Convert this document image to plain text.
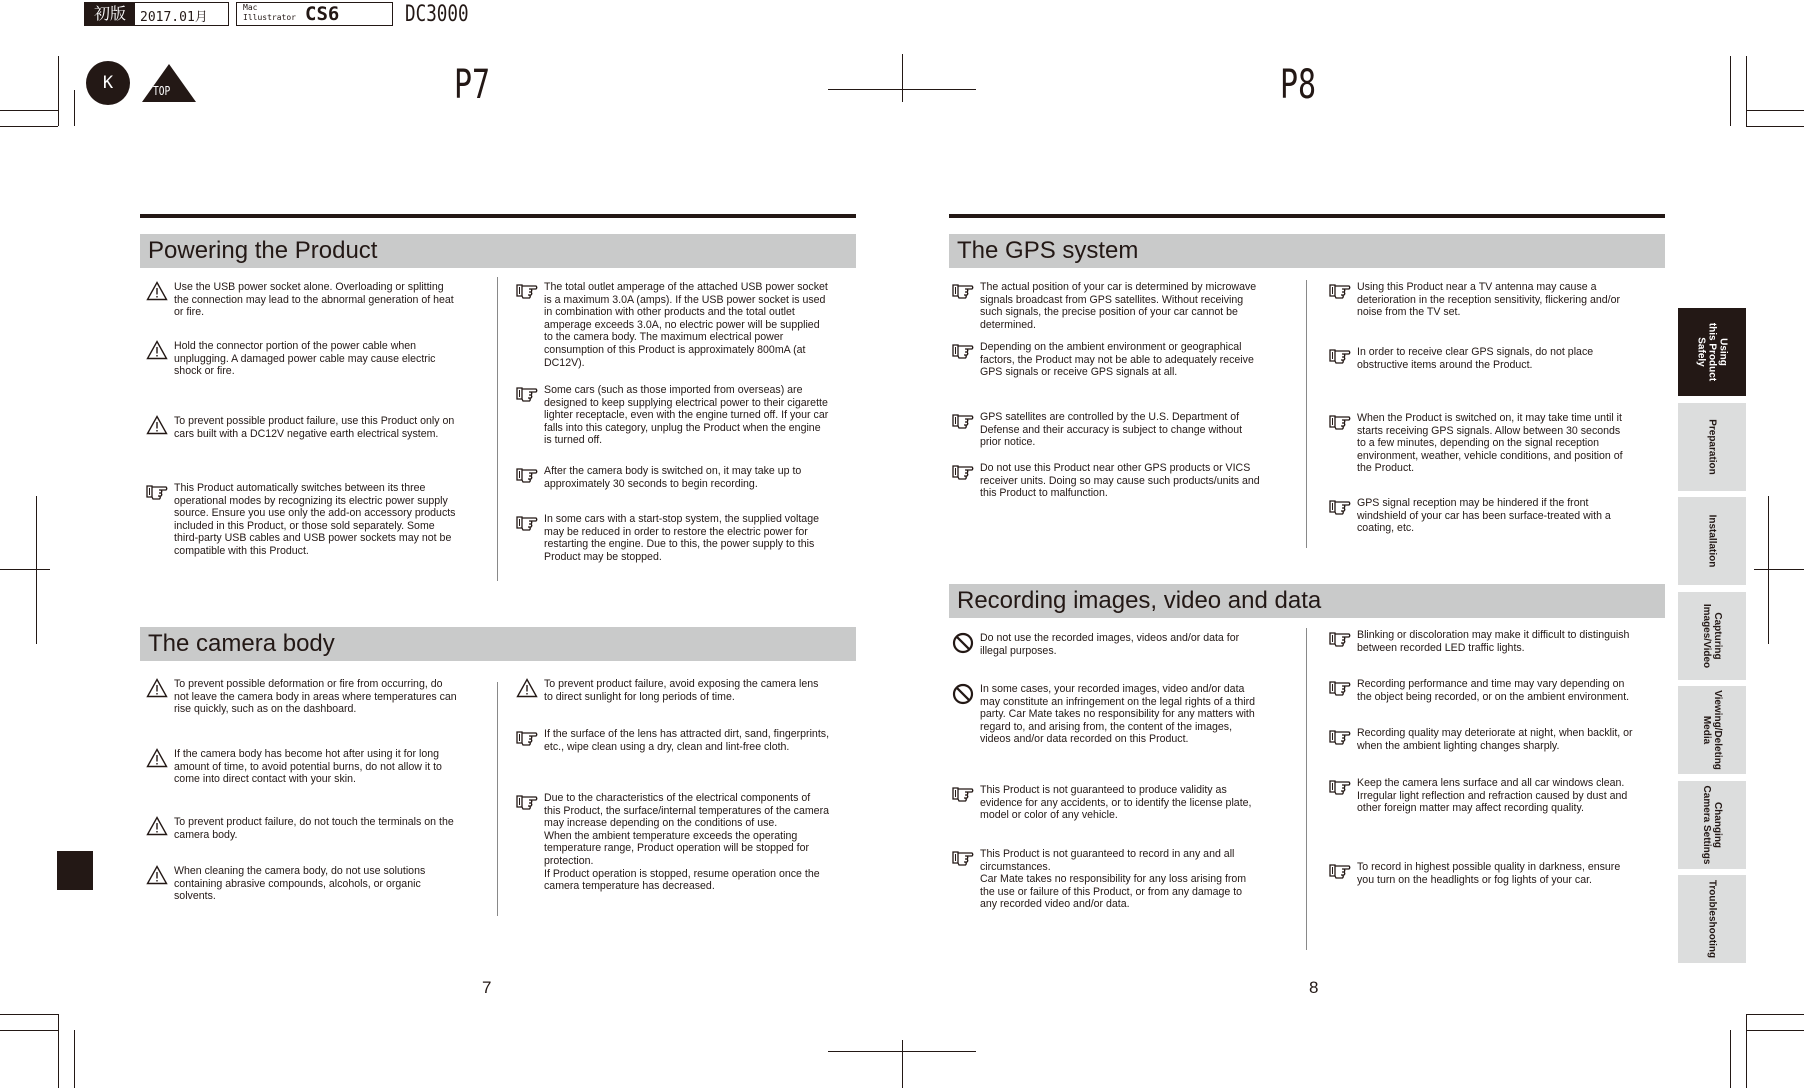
初版	2017.01月
Mac
Illustrator CS6	DC3000
K	TOP	P7	P8
Powering the Product
Use the USB power socket alone. Overloading or splitting
the connection may lead to the abnormal generation of heat
or fire.
Hold the connector portion of the power cable when
unplugging. A damaged power cable may cause electric
shock or fire.
To prevent possible product failure, use this Product only on
cars built with a DC12V negative earth electrical system.
This Product automatically switches between its three
operational modes by recognizing its electric power supply
source. Ensure you use only the add-on accessory products
included in this Product, or those sold separately. Some
third-party USB cables and USB power sockets may not be
compatible with this Product.
The total outlet amperage of the attached USB power socket
is a maximum 3.0A (amps). If the USB power socket is used
in combination with other products and the total outlet
amperage exceeds 3.0A, no electric power will be supplied
to the camera body. The maximum electrical power
consumption of this Product is approximately 800mA (at
DC12V).
Some cars (such as those imported from overseas) are
designed to keep supplying electrical power to their cigarette
lighter receptacle, even with the engine turned off. If your car
falls into this category, unplug the Product when the engine
is turned off.
After the camera body is switched on, it may take up to
approximately 30 seconds to begin recording.
In some cars with a start-stop system, the supplied voltage
may be reduced in order to restore the electric power for
restarting the engine. Due to this, the power supply to this
Product may be stopped.
The camera body
To prevent possible deformation or fire from occurring, do
not leave the camera body in areas where temperatures can
rise quickly, such as on the dashboard.
If the camera body has become hot after using it for long
amount of time, to avoid potential burns, do not allow it to
come into direct contact with your skin.
To prevent product failure, do not touch the terminals on the
camera body.
When cleaning the camera body, do not use solutions
containing abrasive compounds, alcohols, or organic
solvents.
To prevent product failure, avoid exposing the camera lens
to direct sunlight for long periods of time.
If the surface of the lens has attracted dirt, sand, fingerprints,
etc., wipe clean using a dry, clean and lint-free cloth.
Due to the characteristics of the electrical components of
this Product, the surface/internal temperatures of the camera
may increase depending on the conditions of use.
When the ambient temperature exceeds the operating
temperature range, Product operation will be stopped for
protection.
If Product operation is stopped, resume operation once the
camera temperature has decreased.
The GPS system
The actual position of your car is determined by microwave
signals broadcast from GPS satellites. Without receiving
such signals, the precise position of your car cannot be
determined.
Depending on the ambient environment or geographical
factors, the Product may not be able to adequately receive
GPS signals or receive GPS signals at all.
GPS satellites are controlled by the U.S. Department of
Defense and their accuracy is subject to change without
prior notice.
Do not use this Product near other GPS products or VICS
receiver units. Doing so may cause such products/units and
this Product to malfunction.
Using this Product near a TV antenna may cause a
deterioration in the reception sensitivity, flickering and/or
noise from the TV set.
In order to receive clear GPS signals, do not place
obstructive items around the Product.
When the Product is switched on, it may take time until it
starts receiving GPS signals. Allow between 30 seconds
to a few minutes, depending on the signal reception
environment, weather, vehicle conditions, and position of
the Product.
GPS signal reception may be hindered if the front
windshield of your car has been surface-treated with a
coating, etc.
Recording images, video and data
Do not use the recorded images, videos and/or data for
illegal purposes.
In some cases, your recorded images, video and/or data
may constitute an infringement on the legal rights of a third
party. Car Mate takes no responsibility for any matters with
regard to, and arising from, the content of the images,
videos and/or data recorded on this Product.
This Product is not guaranteed to produce validity as
evidence for any accidents, or to identify the license plate,
model or color of any vehicle.
This Product is not guaranteed to record in any and all
circumstances.
Car Mate takes no responsibility for any loss arising from
the use or failure of this Product, or from any damage to
any recorded video and/or data.
Blinking or discoloration may make it difficult to distinguish
between recorded LED traffic lights.
Recording performance and time may vary depending on
the object being recorded, or on the ambient environment.
Recording quality may deteriorate at night, when backlit, or
when the ambient lighting changes sharply.
Keep the camera lens surface and all car windows clean.
Irregular light reflection and refraction caused by dust and
other foreign matter may affect recording quality.
To record in highest possible quality in darkness, ensure
you turn on the headlights or fog lights of your car.
Using
this Product
Safely
Preparation
Installation
Capturing
Images/Video
Viewing/Deleting
Media
Changing
Camera Settings
Troubleshooting
7	8
